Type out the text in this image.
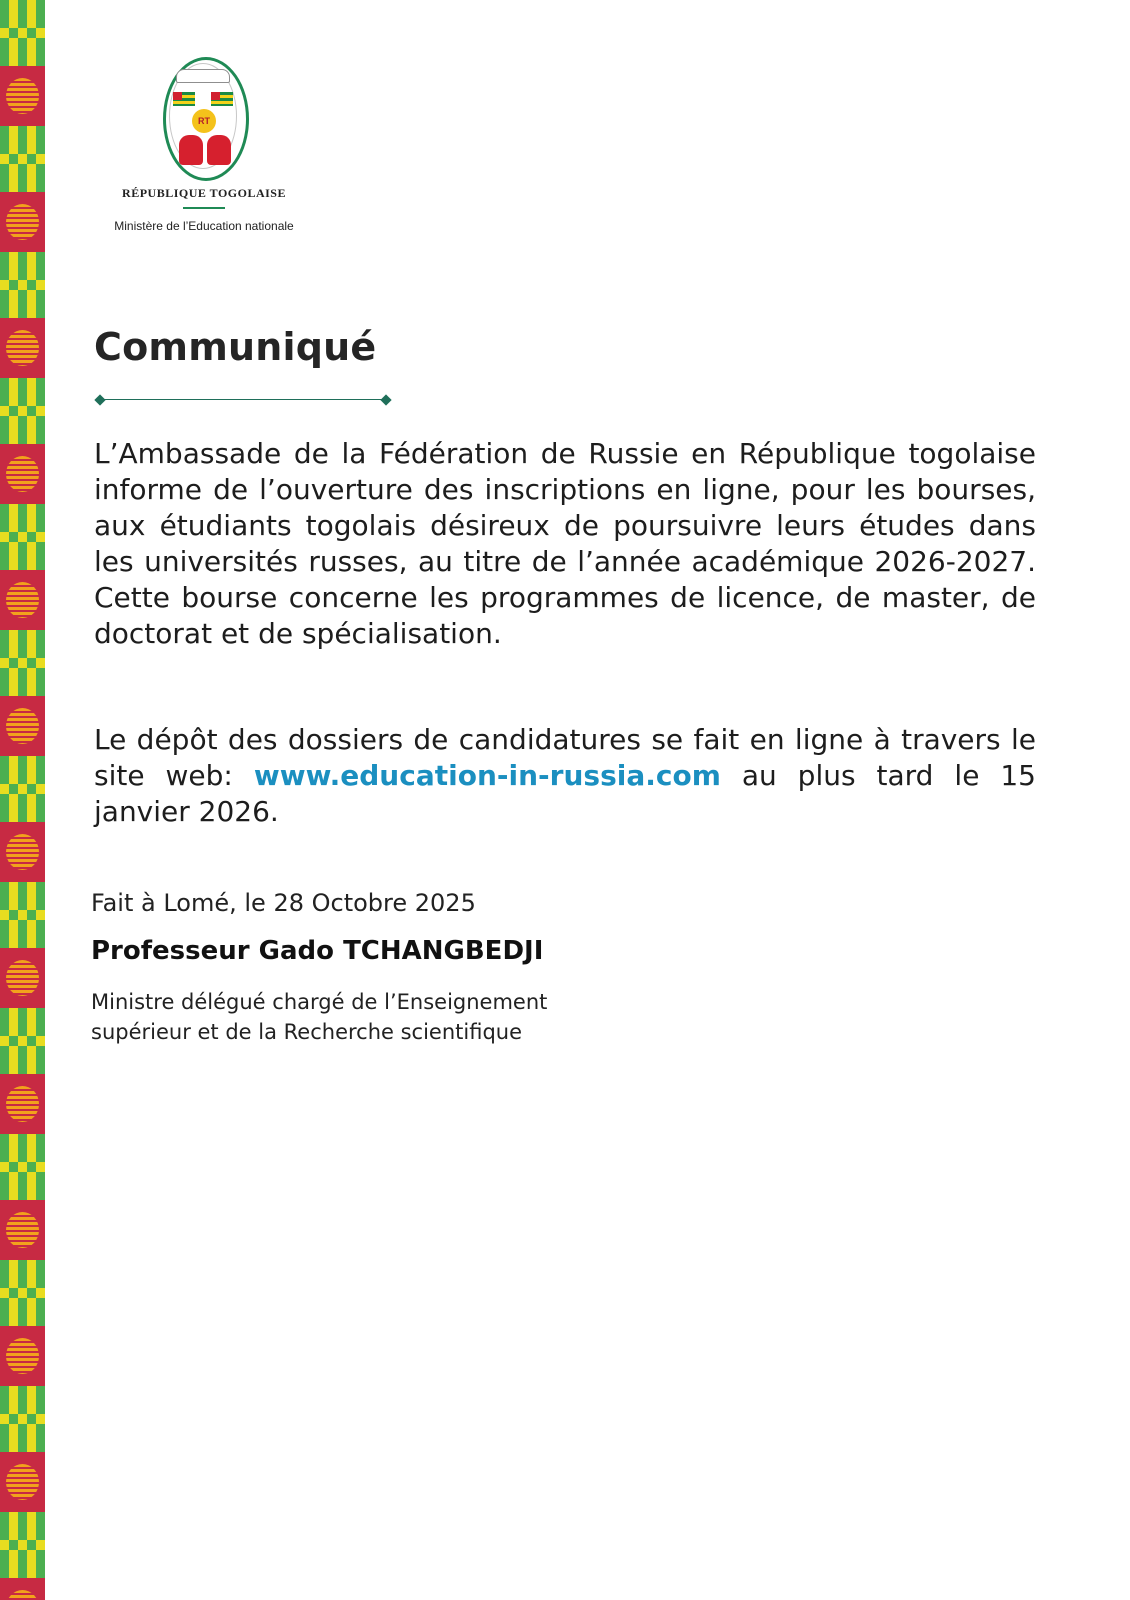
RT
RÉPUBLIQUE TOGOLAISE
Ministère de l’Education nationale
Communiqué

L’Ambassade de la Fédération de Russie en République togolaise informe de l’ouverture des inscriptions en ligne, pour les bourses, aux étudiants togolais désireux de poursuivre leurs études dans les universités russes, au titre de l’année académique 2026-2027. Cette bourse concerne les programmes de licence, de master, de doctorat et de spécialisation.

Le dépôt des dossiers de candidatures se fait en ligne à travers le site web: www.education-in-russia.com au plus tard le 15 janvier 2026.

Fait à Lomé, le 28 Octobre 2025
Professeur Gado TCHANGBEDJI
Ministre délégué chargé de l’Enseignement
supérieur et de la Recherche scientifique
